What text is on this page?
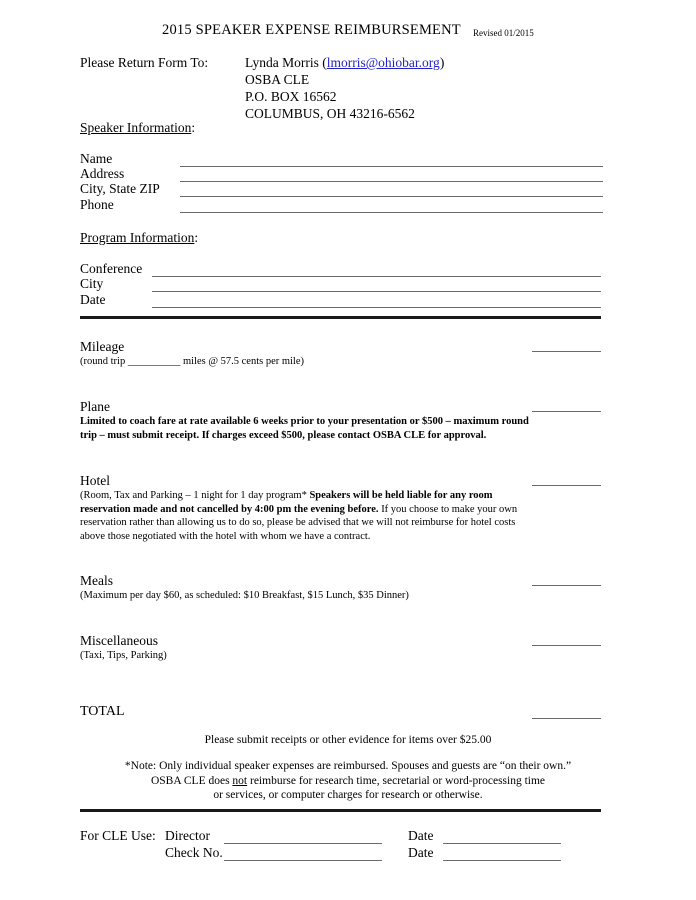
2015 SPEAKER EXPENSE REIMBURSEMENT Revised 01/2015
Please Return Form To:	Lynda Morris (lmorris@ohiobar.org)
OSBA CLE
P.O. BOX 16562
COLUMBUS, OH 43216-6562
Speaker Information:
Name
Address
City, State ZIP
Phone
Program Information:
Conference
City
Date
Mileage
(round trip __________ miles @ 57.5 cents per mile)
Plane
Limited to coach fare at rate available 6 weeks prior to your presentation or $500 – maximum round trip – must submit receipt. If charges exceed $500, please contact OSBA CLE for approval.
Hotel
(Room, Tax and Parking – 1 night for 1 day program* Speakers will be held liable for any room reservation made and not cancelled by 4:00 pm the evening before. If you choose to make your own reservation rather than allowing us to do so, please be advised that we will not reimburse for hotel costs above those negotiated with the hotel with whom we have a contract.
Meals
(Maximum per day $60, as scheduled: $10 Breakfast, $15 Lunch, $35 Dinner)
Miscellaneous
(Taxi, Tips, Parking)
TOTAL
Please submit receipts or other evidence for items over $25.00
*Note: Only individual speaker expenses are reimbursed. Spouses and guests are “on their own.”
OSBA CLE does not reimburse for research time, secretarial or word-processing time
or services, or computer charges for research or otherwise.
For CLE Use: Director	Date
Check No.	Date
